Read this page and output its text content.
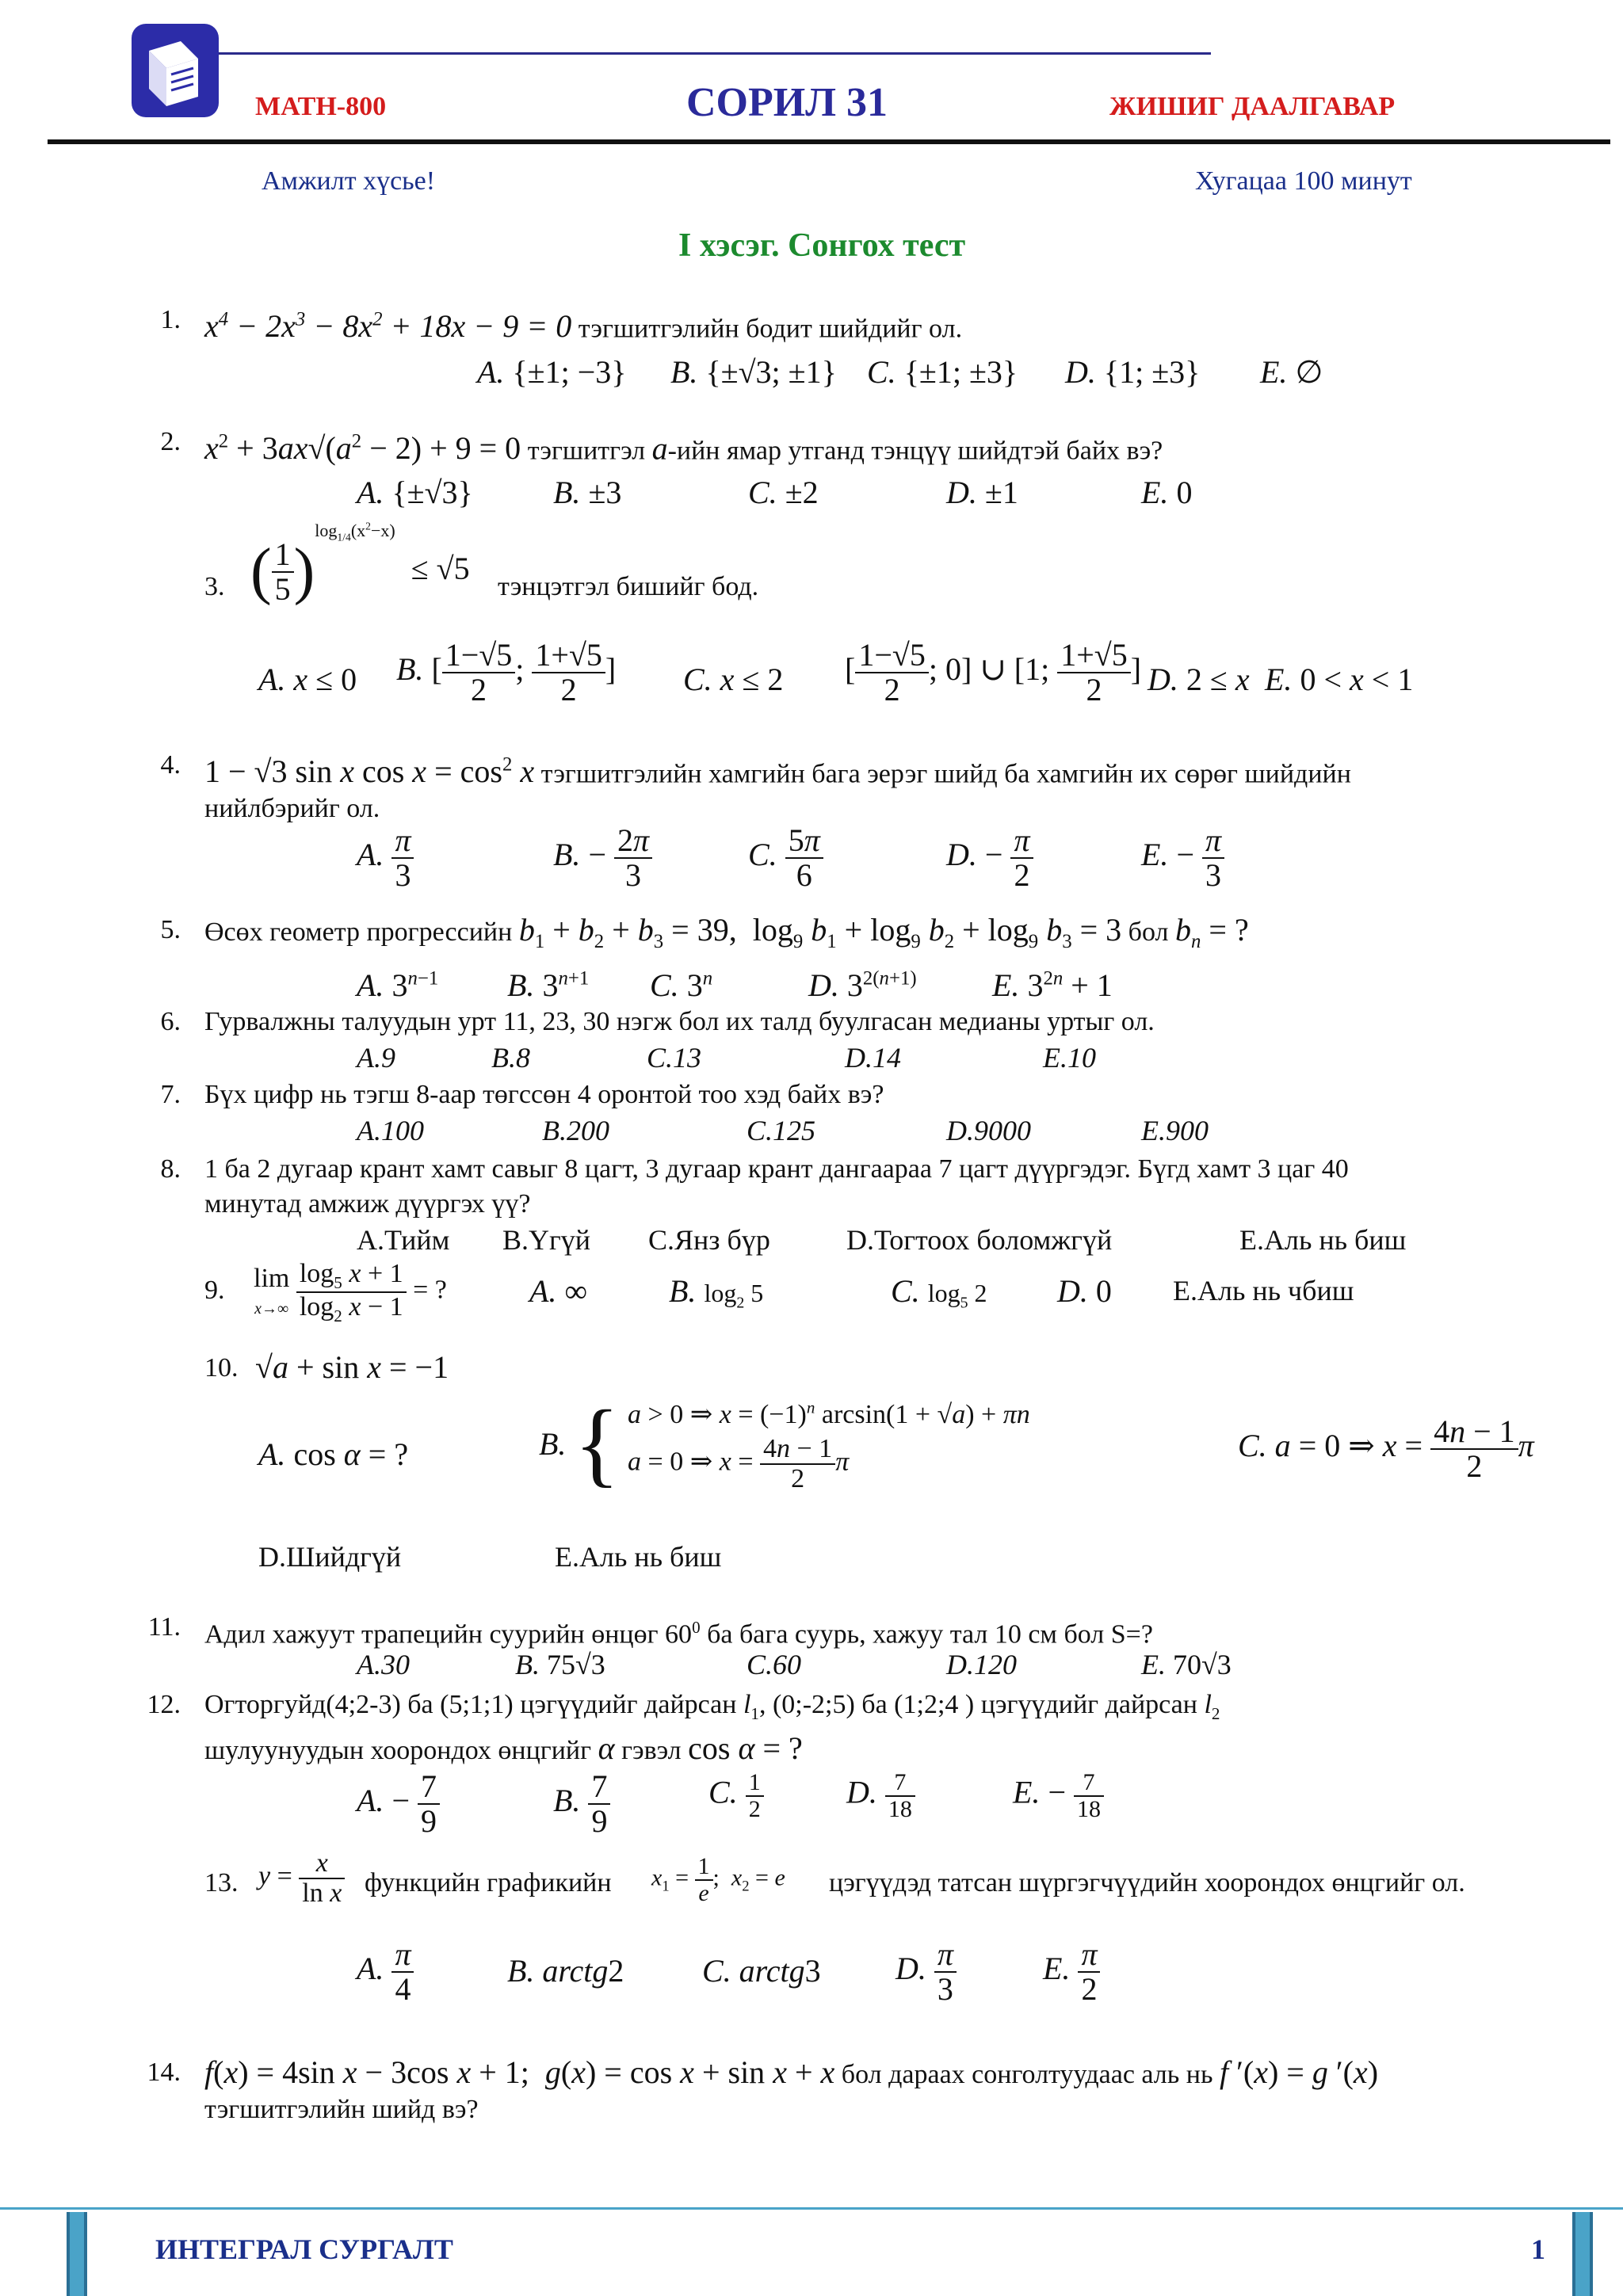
МАТН-800	СОРИЛ 31	ЖИШИГ ДААЛГАВАР
Амжилт хүсье!	Хугацаа 100 минут
I хэсэг. Сонгох тест
1. $x^4 - 2x^3 - 8x^2 + 18x - 9 = 0$ тэгшитгэлийн бодит шийдийг ол.
A. {±1; −3} B. {±√3; ±1} C. {±1; ±3} D. {1; ±3} E. ∅
2. $x^2 + 3ax√(a^2 - 2) + 9 = 0$ тэгшитгэл a-ийн ямар утганд тэнцүү шийдтэй байх вэ?
A. {±√3}	B. ±3	C. ±2	D. ±1	E. 0
3. ( $\frac{1}{5} )^{log_{1/4}(x^2-x)} \le √5$
тэнцэтгэл бишийг бод.
A. x ≤ 0 B. [ $\frac{1-√5}{2}$ ; $\frac{1+√5}{2}$ ] C. x ≤ 2 [ $\frac{1-√5}{2}$ ; 0] ∪ [1; $\frac{1+√5}{2}$ ] D. 2 ≤ x E. 0 < x < 1
4. 1 − √3 sin x $\cos x = \cos^2 x$ тэгшитгэлийн хамгийн бага эерэг шийд ба хамгийн их сөрөг шийдийн
нийлбэрийг ол.
A. $\frac{\pi}{3}$	B. − $\frac{2\pi}{3}$	C. $\frac{5\pi}{6}$	D. − $\frac{\pi}{2}$	E. − $\frac{\pi}{3}$
5. Өсөх геометр прогрессийн $b_1 + b_2 + b_3 = 39$,  $\log_9 b_1 + \log_9 b_2 + \log_9 b_3 = 3$ бол $b_n$ = ?
A. $3^{n-1}$ B. $3^{n+1}$ C. 3$^n$	D. $3^{2(n+1)}$ E. $3^{2n} + 1$
6. Гурвалжны талуудын урт 11, 23, 30 нэгж бол их талд буулгасан медианы уртыг ол.
A.9	B.8	C.13	D.14	E.10
7. Бүх цифр нь тэгш 8-аар төгссөн 4 оронтой тоо хэд байх вэ?
A.100	B.200	C.125	D.9000	E.900
8. 1 ба 2 дугаар крант хамт савыг 8 цагт, 3 дугаар крант дангаараа 7 цагт дүүргэдэг. Бүгд хамт 3 цаг 40
минутад амжиж дүүргэх үү?
A.Тийм B.Үгүй C.Янз бүр	D.Тогтоох боломжгүй	E.Аль нь биш
9. lim
$x\to\infty \frac{\log_5 x + 1}{\log_2 x - 1}$ = ?	A. ∞	B. $\log_2 5$	C. $\log_5 2$ D. 0 E.Аль нь чбиш
10. √a + sin x = −1
A. cos α = ?	B. { a > 0 ⇒ $x = (-1)^n$ arcsin(1 + √a) + πn
a = 0 ⇒ $x = \frac{4n - 1}{2}$ π	C. a = 0 ⇒ $x = \frac{4n - 1}{2}$ π
D.Шийдгүй	E.Аль нь биш
11. Адил хажуут трапецийн суурийн өнцөг $60^0$ ба бага суурь, хажуу тал 10 см бол S=?
A.30	B. 75√3	C.60	D.120	E. 70√3
12. Огторгуйд(4;2-3) ба (5;1;1) цэгүүдийг дайрсан $l_1$, (0;-2;5) ба (1;2;4 ) цэгүүдийг дайрсан $l_2$
шулуунуудын хоорондох өнцгийг α гэвэл cos α = ?
A. − $\frac{7}{9}$	B. $\frac{7}{9}$	C. $\frac{1}{2}$	D. $\frac{7}{18}$	E. − $\frac{7}{18}$
13. $y = \frac{x}{\text{ln x}}$ функцийн графикийн $x_1 = \frac{1}{e}$ ;  $x_2 = e$ цэгүүдэд татсан шүргэгчүүдийн хоорондох өнцгийг ол.
A. $\frac{\pi}{4}$	B. arctg2 C. arctg3 D. $\frac{\pi}{3}$	E. $\frac{\pi}{2}$
14. f(x) = 4sin x − 3cos x + 1;  g(x) = cos x + sin x + x бол дараах сонголтуудаас аль нь f ′(x) = g ′(x)
тэгшитгэлийн шийд вэ?
ИНТЕГРАЛ СУРГАЛТ	1
